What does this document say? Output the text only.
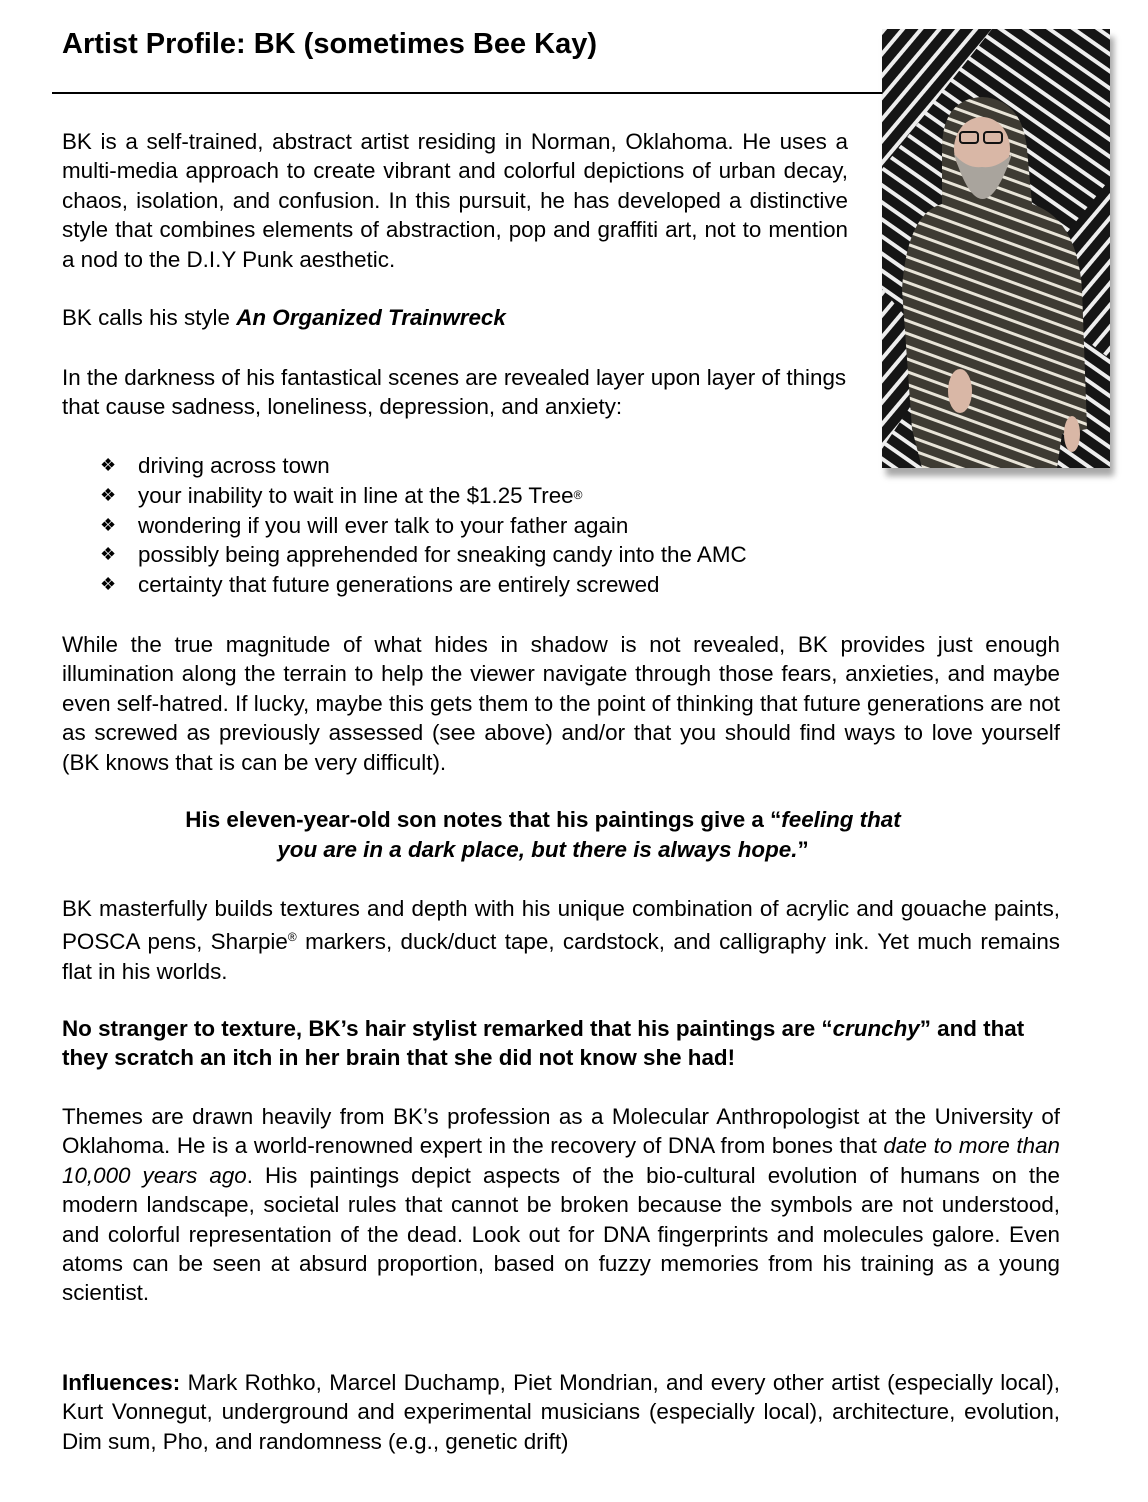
Artist Profile: BK (sometimes Bee Kay)

BK is a self-trained, abstract artist residing in Norman, Oklahoma. He uses a multi-media approach to create vibrant and colorful depictions of urban decay, chaos, isolation, and confusion. In this pursuit, he has developed a distinctive style that combines elements of abstraction, pop and graffiti art, not to mention a nod to the D.I.Y Punk aesthetic.

BK calls his style An Organized Trainwreck

In the darkness of his fantastical scenes are revealed layer upon layer of things that cause sadness, loneliness, depression, and anxiety:

❖ driving across town
❖ your inability to wait in line at the $1.25 Tree ®
❖ wondering if you will ever talk to your father again
❖ possibly being apprehended for sneaking candy into the AMC
❖ certainty that future generations are entirely screwed

While the true magnitude of what hides in shadow is not revealed, BK provides just enough illumination along the terrain to help the viewer navigate through those fears, anxieties, and maybe even self-hatred. If lucky, maybe this gets them to the point of thinking that future generations are not as screwed as previously assessed (see above) and/or that you should find ways to love yourself (BK knows that is can be very difficult).

His eleven-year-old son notes that his paintings give a “feeling that
you are in a dark place, but there is always hope.”

BK masterfully builds textures and depth with his unique combination of acrylic and gouache paints, POSCA pens, Sharpie® markers, duck/duct tape, cardstock, and calligraphy ink. Yet much remains flat in his worlds.

No stranger to texture, BK’s hair stylist remarked that his paintings are “crunchy” and that they scratch an itch in her brain that she did not know she had!

Themes are drawn heavily from BK’s profession as a Molecular Anthropologist at the University of Oklahoma. He is a world-renowned expert in the recovery of DNA from bones that date to more than 10,000 years ago. His paintings depict aspects of the bio-cultural evolution of humans on the modern landscape, societal rules that cannot be broken because the symbols are not understood, and colorful representation of the dead. Look out for DNA fingerprints and molecules galore. Even atoms can be seen at absurd proportion, based on fuzzy memories from his training as a young scientist.

Influences: Mark Rothko, Marcel Duchamp, Piet Mondrian, and every other artist (especially local), Kurt Vonnegut, underground and experimental musicians (especially local), architecture, evolution, Dim sum, Pho, and randomness (e.g., genetic drift)
